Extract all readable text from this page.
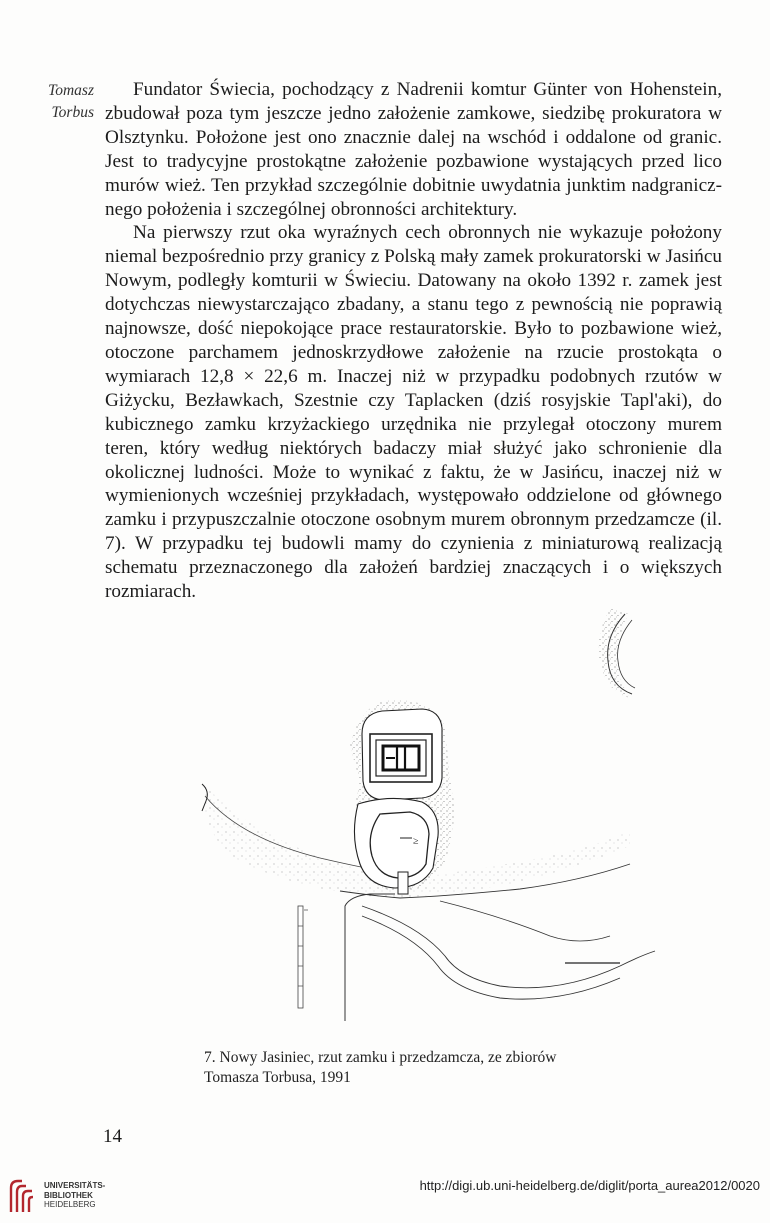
Tomasz
Torbus

Fundator Świecia, pochodzący z Nadrenii komtur Günter von Hohenstein, zbudował poza tym jeszcze jedno założenie zamkowe, siedzibę prokuratora w Olsztynku. Położone jest ono znacznie dalej na wschód i oddalone od granic. Jest to tradycyjne prostokątne założenie pozbawione wystających przed lico murów wież. Ten przykład szczególnie dobitnie uwydatnia junktim nadgranicznego położenia i szczególnej obronności architektury.

Na pierwszy rzut oka wyraźnych cech obronnych nie wykazuje położony niemal bezpośrednio przy granicy z Polską mały zamek prokuratorski w Jasińcu Nowym, podległy komturii w Świeciu. Datowany na około 1392 r. zamek jest dotychczas niewystarczająco zbadany, a stanu tego z pewnością nie poprawią najnowsze, dość niepokojące prace restauratorskie. Było to pozbawione wież, otoczone parchamem jednoskrzydłowe założenie na rzucie prostokąta o wymiarach 12,8 × 22,6 m. Inaczej niż w przypadku podobnych rzutów w Giżycku, Bezławkach, Szestnie czy Taplacken (dziś rosyjskie Tapl'aki), do kubicznego zamku krzyżackiego urzędnika nie przylegał otoczony murem teren, który według niektórych badaczy miał służyć jako schronienie dla okolicznej ludności. Może to wynikać z faktu, że w Jasińcu, inaczej niż w wymienionych wcześniej przykładach, występowało oddzielone od głównego zamku i przypuszczalnie otoczone osobnym murem obronnym przedzamcze (il. 7). W przypadku tej budowli mamy do czynienia z miniaturową realizacją schematu przeznaczonego dla założeń bardziej znaczących i o większych rozmiarach.

≥
7. Nowy Jasiniec, rzut zamku i przedzamcza, ze zbiorów
Tomasza Torbusa, 1991
14
UNIVERSITÄTS-
BIBLIOTHEK
HEIDELBERG
http://digi.ub.uni-heidelberg.de/diglit/porta_aurea2012/0020
